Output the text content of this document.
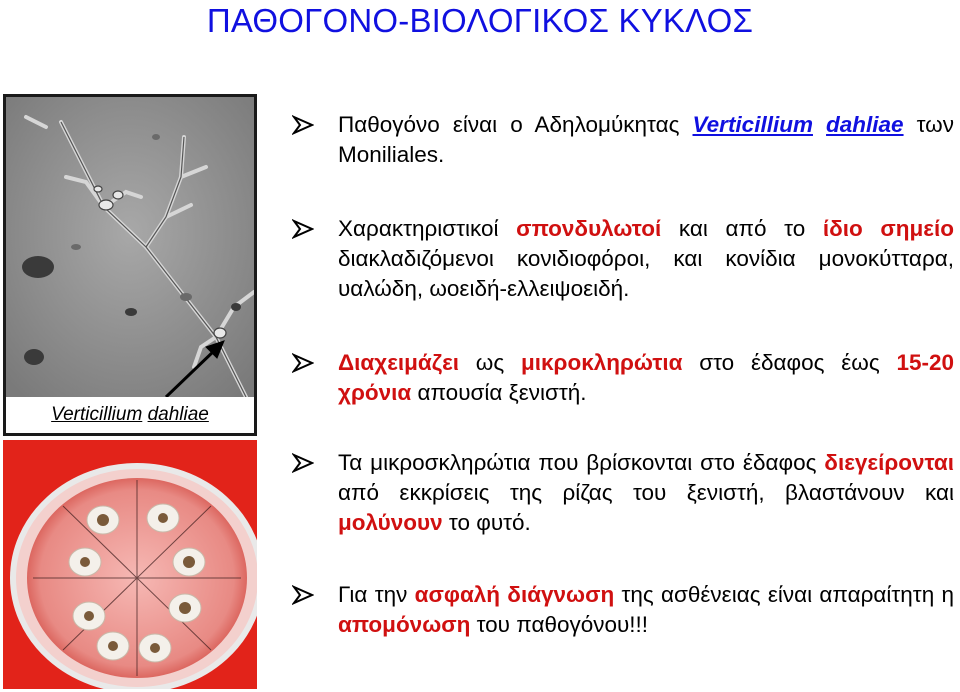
ΠΑΘΟΓΟΝΟ-ΒΙΟΛΟΓΙΚΟΣ ΚΥΚΛΟΣ
Verticillium
dahliae
Παθογόνο είναι ο Αδηλομύκητας Verticillium dahliae των Moniliales.
Χαρακτηριστικοί σπονδυλωτοί και από το ίδιο σημείο διακλαδιζόμενοι κονιδιοφόροι, και κονίδια μονοκύτταρα, υαλώδη, ωοειδή-ελλειψοειδή.
Διαχειμάζει ως μικροκληρώτια στο έδαφος έως 15-20 χρόνια απουσία ξενιστή.
Τα μικροσκληρώτια που βρίσκονται στο έδαφος διεγείρονται από εκκρίσεις της ρίζας του ξενιστή, βλαστάνουν και μολύνουν το φυτό.
Για την ασφαλή διάγνωση της ασθένειας είναι απαραίτητη η απομόνωση του παθογόνου!!!
